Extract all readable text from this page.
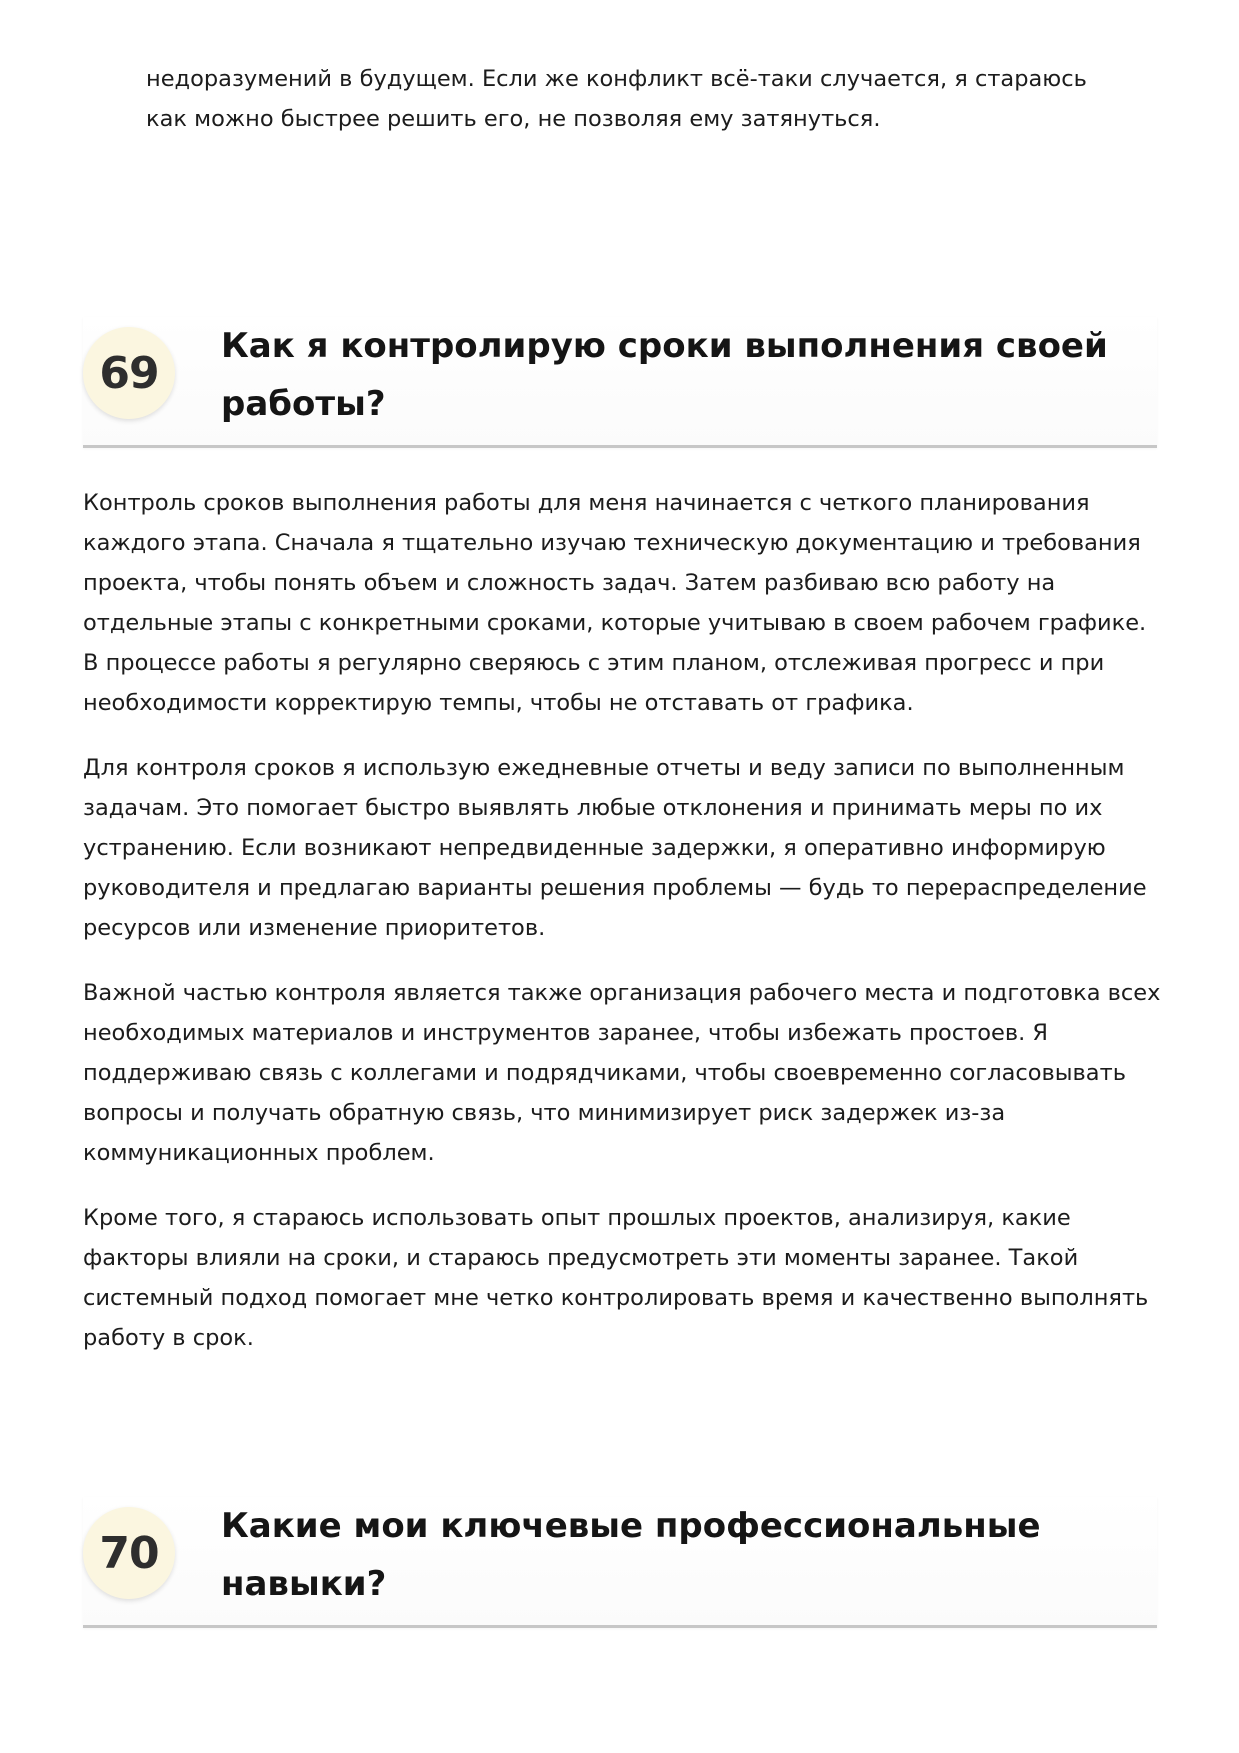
недоразумений в будущем. Если же конфликт всё-таки случается, я стараюсь как можно быстрее решить его, не позволяя ему затянуться.

69
Как я контролирую сроки выполнения своей работы?

Контроль сроков выполнения работы для меня начинается с четкого планирования каждого этапа. Сначала я тщательно изучаю техническую документацию и требования проекта, чтобы понять объем и сложность задач. Затем разбиваю всю работу на отдельные этапы с конкретными сроками, которые учитываю в своем рабочем графике. В процессе работы я регулярно сверяюсь с этим планом, отслеживая прогресс и при необходимости корректирую темпы, чтобы не отставать от графика.

Для контроля сроков я использую ежедневные отчеты и веду записи по выполненным задачам. Это помогает быстро выявлять любые отклонения и принимать меры по их устранению. Если возникают непредвиденные задержки, я оперативно информирую руководителя и предлагаю варианты решения проблемы — будь то перераспределение ресурсов или изменение приоритетов.

Важной частью контроля является также организация рабочего места и подготовка всех необходимых материалов и инструментов заранее, чтобы избежать простоев. Я поддерживаю связь с коллегами и подрядчиками, чтобы своевременно согласовывать вопросы и получать обратную связь, что минимизирует риск задержек из-за коммуникационных проблем.

Кроме того, я стараюсь использовать опыт прошлых проектов, анализируя, какие факторы влияли на сроки, и стараюсь предусмотреть эти моменты заранее. Такой системный подход помогает мне четко контролировать время и качественно выполнять работу в срок.

70
Какие мои ключевые профессиональные навыки?
